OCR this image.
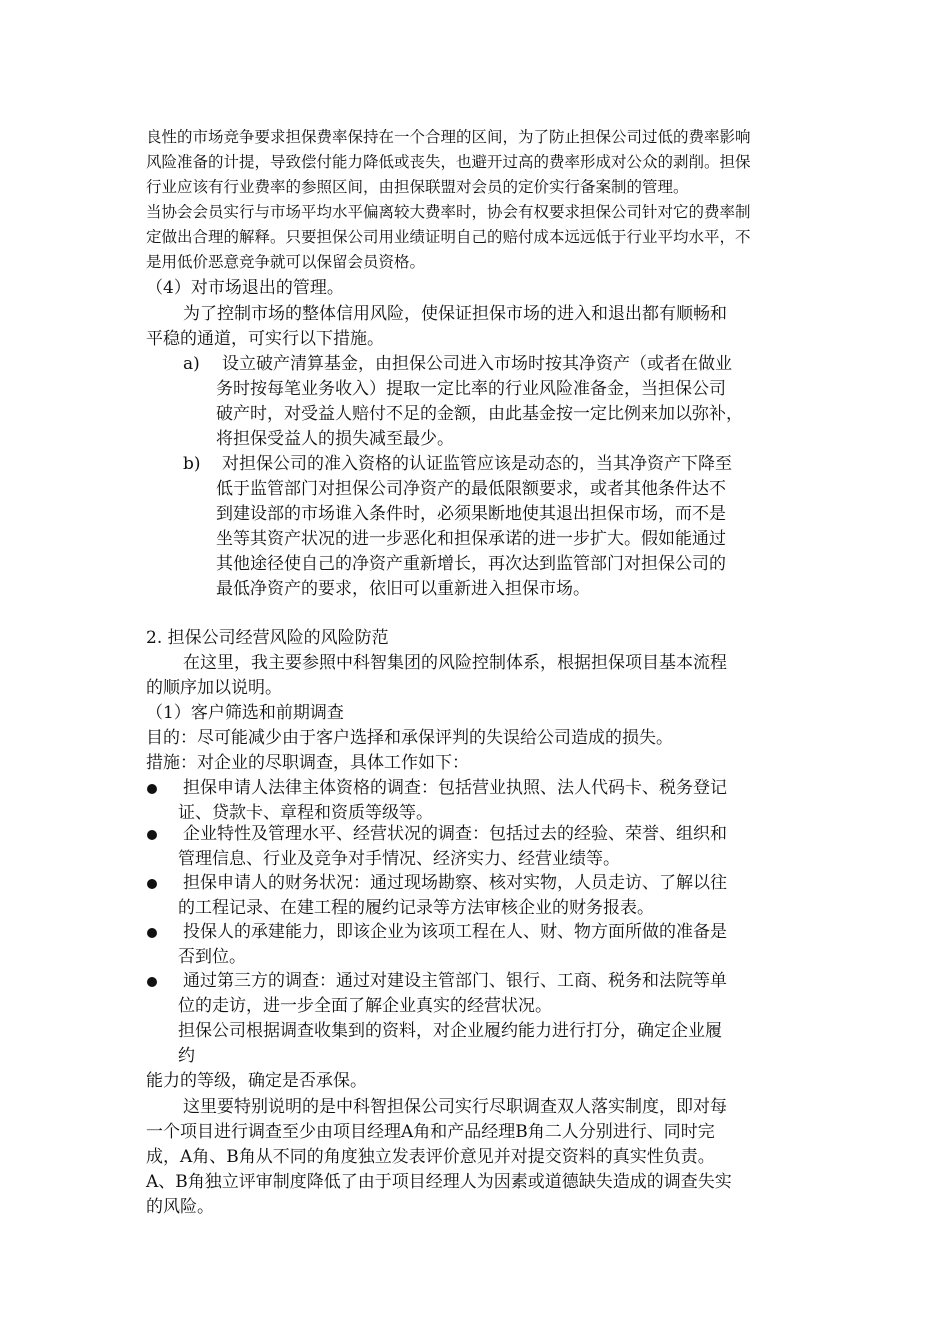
良性的市场竞争要求担保费率保持在一个合理的区间，为了防止担保公司过低的费率影响
风险准备的计提，导致偿付能力降低或丧失，也避开过高的费率形成对公众的剥削。担保
行业应该有行业费率的参照区间，由担保联盟对会员的定价实行备案制的管理。
当协会会员实行与市场平均水平偏离较大费率时，协会有权要求担保公司针对它的费率制
定做出合理的解释。只要担保公司用业绩证明自己的赔付成本远远低于行业平均水平，不
是用低价恶意竞争就可以保留会员资格。
（4）对市场退出的管理。
为了控制市场的整体信用风险，使保证担保市场的进入和退出都有顺畅和
平稳的通道，可实行以下措施。
a) 设立破产清算基金，由担保公司进入市场时按其净资产（或者在做业
务时按每笔业务收入）提取一定比率的行业风险准备金，当担保公司
破产时，对受益人赔付不足的金额，由此基金按一定比例来加以弥补，
将担保受益人的损失减至最少。
b) 对担保公司的准入资格的认证监管应该是动态的，当其净资产下降至
低于监管部门对担保公司净资产的最低限额要求，或者其他条件达不
到建设部的市场谁入条件时，必须果断地使其退出担保市场，而不是
坐等其资产状况的进一步恶化和担保承诺的进一步扩大。假如能通过
其他途径使自己的净资产重新增长，再次达到监管部门对担保公司的
最低净资产的要求，依旧可以重新进入担保市场。
2. 担保公司经营风险的风险防范
在这里，我主要参照中科智集团的风险控制体系，根据担保项目基本流程
的顺序加以说明。
（1）客户筛选和前期调查
目的：尽可能减少由于客户选择和承保评判的失误给公司造成的损失。
措施：对企业的尽职调查，具体工作如下：
担保申请人法律主体资格的调查：包括营业执照、法人代码卡、税务登记
证、贷款卡、章程和资质等级等。
企业特性及管理水平、经营状况的调查：包括过去的经验、荣誉、组织和
管理信息、行业及竞争对手情况、经济实力、经营业绩等。
担保申请人的财务状况：通过现场勘察、核对实物，人员走访、了解以往
的工程记录、在建工程的履约记录等方法审核企业的财务报表。
投保人的承建能力，即该企业为该项工程在人、财、物方面所做的准备是
否到位。
通过第三方的调查：通过对建设主管部门、银行、工商、税务和法院等单
位的走访，进一步全面了解企业真实的经营状况。
担保公司根据调查收集到的资料，对企业履约能力进行打分，确定企业履
约
能力的等级，确定是否承保。
这里要特别说明的是中科智担保公司实行尽职调查双人落实制度，即对每
一个项目进行调查至少由项目经理A角和产品经理B角二人分别进行、同时完
成，A角、B角从不同的角度独立发表评价意见并对提交资料的真实性负责。
A、B角独立评审制度降低了由于项目经理人为因素或道德缺失造成的调查失实
的风险。
